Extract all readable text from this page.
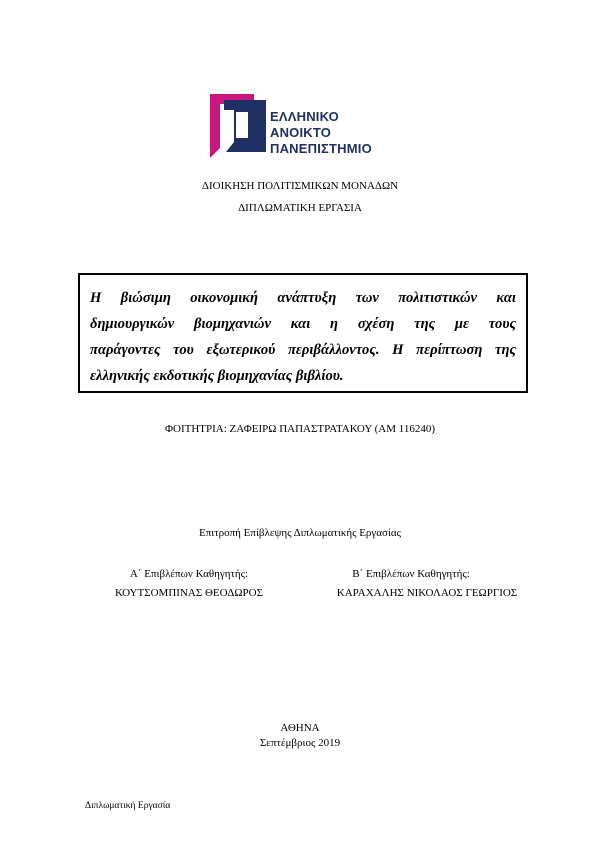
ΕΛΛΗΝΙΚΟ
ΑΝΟΙΚΤΟ
ΠΑΝΕΠΙΣΤΗΜΙΟ
ΔΙΟΙΚΗΣΗ ΠΟΛΙΤΙΣΜΙΚΩΝ ΜΟΝΑΔΩΝ
ΔΙΠΛΩΜΑΤΙΚΗ ΕΡΓΑΣΙΑ

Η βιώσιμη οικονομική ανάπτυξη των πολιτιστικών και

δημιουργικών βιομηχανιών και η σχέση της με τους

παράγοντες του εξωτερικού περιβάλλοντος. Η περίπτωση της

ελληνικής εκδοτικής βιομηχανίας βιβλίου.

ΦΟΙΤΗΤΡΙΑ: ΖΑΦΕΙΡΩ ΠΑΠΑΣΤΡΑΤΑΚΟΥ (ΑΜ 116240)
Επιτροπή Επίβλεψης Διπλωματικής Εργασίας
Α΄ Επιβλέπων Καθηγητής:
ΚΟΥΤΣΟΜΠΙΝΑΣ ΘΕΟΔΩΡΟΣ
Β΄ Επιβλέπων Καθηγητής:
ΚΑΡΑΧΑΛΗΣ ΝΙΚΟΛΑΟΣ ΓΕΩΡΓΙΟΣ
ΑΘΗΝΑ
Σεπτέμβριος 2019
Διπλωματική Εργασία
